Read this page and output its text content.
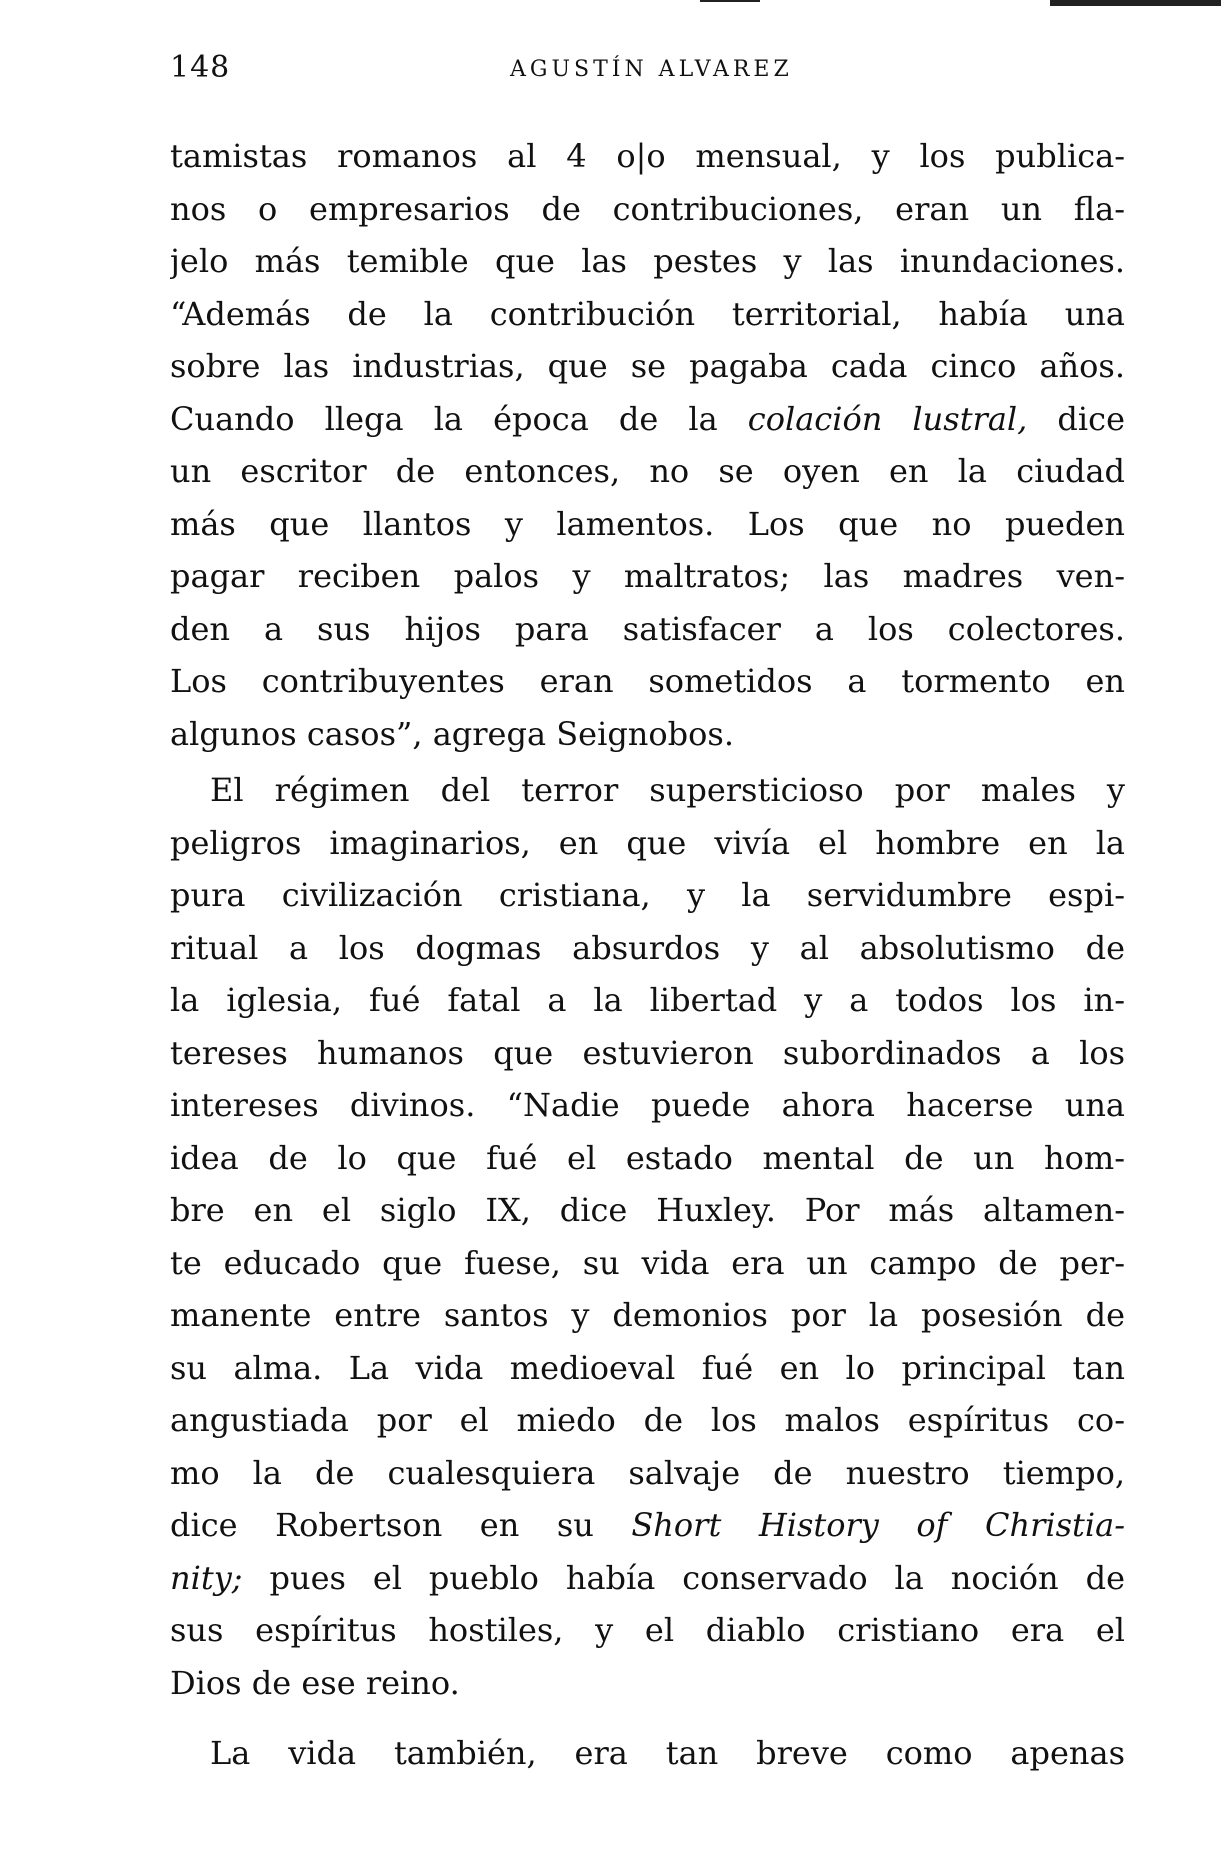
148	AGUSTÍN ALVAREZ
tamistas romanos al 4 o|o mensual, y los publica-
nos o empresarios de contribuciones, eran un fla-
jelo más temible que las pestes y las inundaciones.
“Además de la contribución territorial, había una
sobre las industrias, que se pagaba cada cinco años.
Cuando llega la época de la colación lustral, dice
un escritor de entonces, no se oyen en la ciudad
más que llantos y lamentos. Los que no pueden
pagar reciben palos y maltratos; las madres ven-
den a sus hijos para satisfacer a los colectores.
Los contribuyentes eran sometidos a tormento en
algunos casos”, agrega Seignobos.
El régimen del terror supersticioso por males y
peligros imaginarios, en que vivía el hombre en la
pura civilización cristiana, y la servidumbre espi-
ritual a los dogmas absurdos y al absolutismo de
la iglesia, fué fatal a la libertad y a todos los in-
tereses humanos que estuvieron subordinados a los
intereses divinos. “Nadie puede ahora hacerse una
idea de lo que fué el estado mental de un hom-
bre en el siglo IX, dice Huxley. Por más altamen-
te educado que fuese, su vida era un campo de per-
manente entre santos y demonios por la posesión de
su alma. La vida medioeval fué en lo principal tan
angustiada por el miedo de los malos espíritus co-
mo la de cualesquiera salvaje de nuestro tiempo,
dice Robertson en su Short History of Christia-
nity; pues el pueblo había conservado la noción de
sus espíritus hostiles, y el diablo cristiano era el
Dios de ese reino.
La vida también, era tan breve como apenas
